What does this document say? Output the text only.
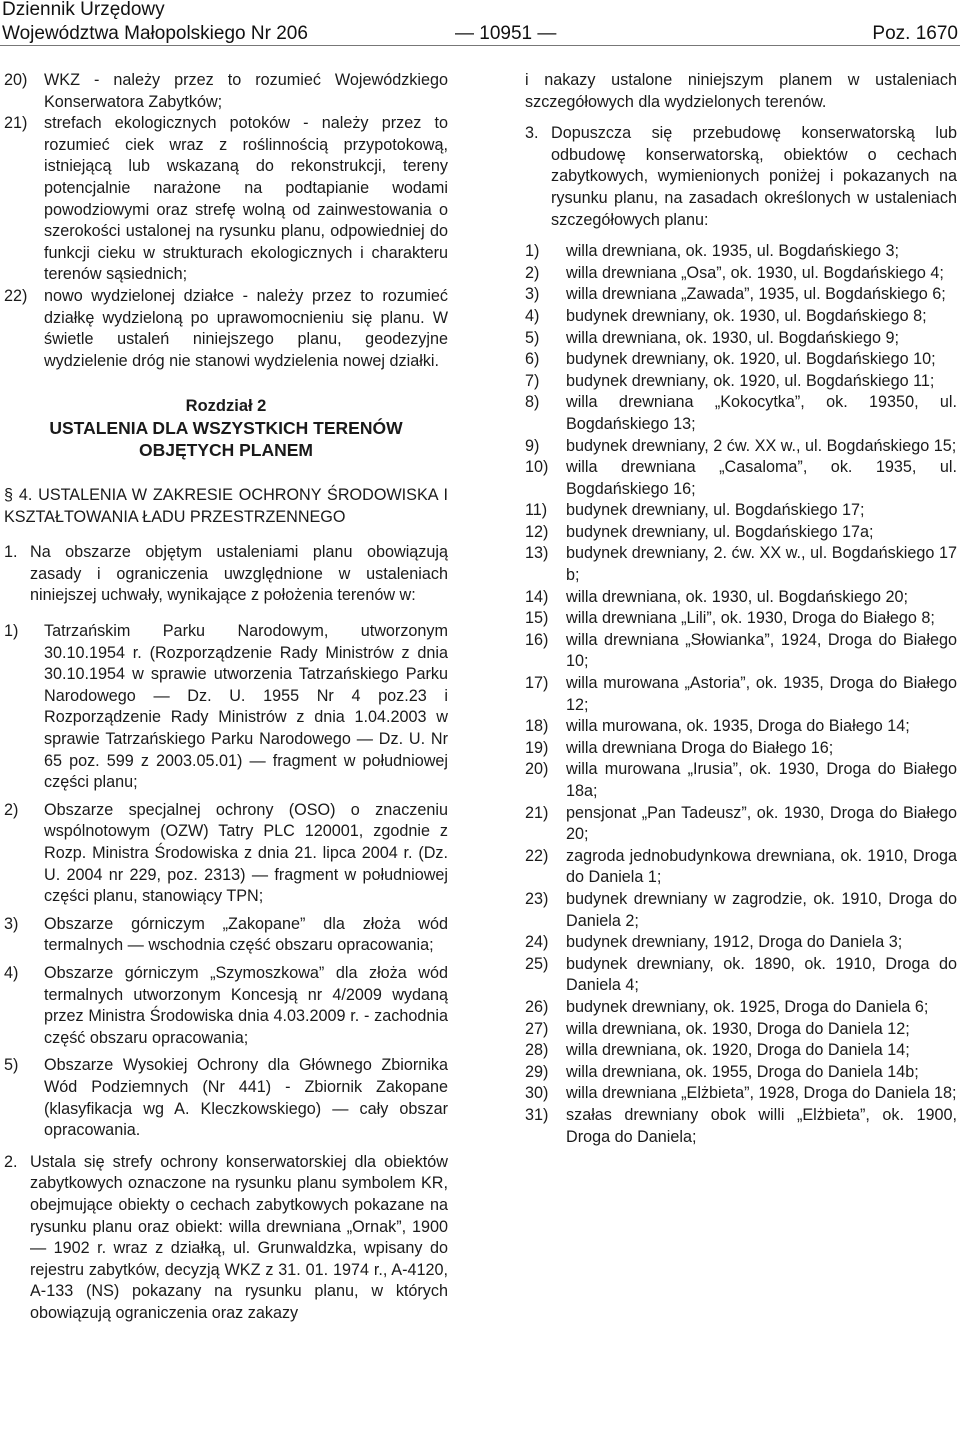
Dziennik Urzędowy
Województwa Małopolskiego Nr 206	— 10951 —	Poz. 1670
20) WKZ - należy przez to rozumieć Wojewódzkiego Konserwatora Zabytków;
21) strefach ekologicznych potoków - należy przez to rozumieć ciek wraz z roślinnością przypotokową, istniejącą lub wskazaną do rekonstrukcji, tereny potencjalnie narażone na podtapianie wodami powodziowymi oraz strefę wolną od zainwestowania o szerokości ustalonej na rysunku planu, odpowiedniej do funkcji cieku w strukturach ekologicznych i charakteru terenów sąsiednich;
22) nowo wydzielonej działce - należy przez to rozumieć działkę wydzieloną po uprawomocnieniu się planu. W świetle ustaleń niniejszego planu, geodezyjne wydzielenie dróg nie stanowi wydzielenia nowej działki.
Rozdział 2
USTALENIA DLA WSZYSTKICH TERENÓW
OBJĘTYCH PLANEM

§ 4. USTALENIA W ZAKRESIE OCHRONY ŚRODOWISKA I KSZTAŁTOWANIA ŁADU PRZESTRZENNEGO

1. Na obszarze objętym ustaleniami planu obowiązują zasady i ograniczenia uwzględnione w ustaleniach niniejszej uchwały, wynikające z położenia terenów w:
1) Tatrzańskim Parku Narodowym, utworzonym 30.10.1954 r. (Rozporządzenie Rady Ministrów z dnia 30.10.1954 w sprawie utworzenia Tatrzańskiego Parku Narodowego — Dz. U. 1955 Nr 4 poz.23 i Rozporządzenie Rady Ministrów z dnia 1.04.2003 w sprawie Tatrzańskiego Parku Narodowego — Dz. U. Nr 65 poz. 599 z 2003.05.01) — fragment w południowej części planu;
2) Obszarze specjalnej ochrony (OSO) o znaczeniu wspólnotowym (OZW) Tatry PLC 120001, zgodnie z Rozp. Ministra Środowiska z dnia 21. lipca 2004 r. (Dz. U. 2004 nr 229, poz. 2313) — fragment w południowej części planu, stanowiący TPN;
3) Obszarze górniczym „Zakopane” dla złoża wód termalnych — wschodnia część obszaru opracowania;
4) Obszarze górniczym „Szymoszkowa” dla złoża wód termalnych utworzonym Koncesją nr 4/2009 wydaną przez Ministra Środowiska dnia 4.03.2009 r. - zachodnia część obszaru opracowania;
5) Obszarze Wysokiej Ochrony dla Głównego Zbiornika Wód Podziemnych (Nr 441) - Zbiornik Zakopane (klasyfikacja wg A. Kleczkowskiego) — cały obszar opracowania.
2. Ustala się strefy ochrony konserwatorskiej dla obiektów zabytkowych oznaczone na rysunku planu symbolem KR, obejmujące obiekty o cechach zabytkowych pokazane na rysunku planu oraz obiekt: willa drewniana „Ornak”, 1900 — 1902 r. wraz z działką, ul. Grunwaldzka, wpisany do rejestru zabytków, decyzją WKZ z 31. 01. 1974 r., A-4120, A-133 (NS) pokazany na rysunku planu, w których obowiązują ograniczenia oraz zakazy

i nakazy ustalone niniejszym planem w ustaleniach szczegółowych dla wydzielonych terenów.

3. Dopuszcza się przebudowę konserwatorską lub odbudowę konserwatorską, obiektów o cechach zabytkowych, wymienionych poniżej i pokazanych na rysunku planu, na zasadach określonych w ustaleniach szczegółowych planu:
1) willa drewniana, ok. 1935, ul. Bogdańskiego 3;
2) willa drewniana „Osa”, ok. 1930, ul. Bogdańskiego 4;
3) willa drewniana „Zawada”, 1935, ul. Bogdańskiego 6;
4) budynek drewniany, ok. 1930, ul. Bogdańskiego 8;
5) willa drewniana, ok. 1930, ul. Bogdańskiego 9;
6) budynek drewniany, ok. 1920, ul. Bogdańskiego 10;
7) budynek drewniany, ok. 1920, ul. Bogdańskiego 11;
8) willa drewniana „Kokocytka”, ok. 19350, ul. Bogdańskiego 13;
9) budynek drewniany, 2 ćw. XX w., ul. Bogdańskiego 15;
10) willa drewniana „Casaloma”, ok. 1935, ul. Bogdańskiego 16;
11) budynek drewniany, ul. Bogdańskiego 17;
12) budynek drewniany, ul. Bogdańskiego 17a;
13) budynek drewniany, 2. ćw. XX w., ul. Bogdańskiego 17 b;
14) willa drewniana, ok. 1930, ul. Bogdańskiego 20;
15) willa drewniana „Lili”, ok. 1930, Droga do Białego 8;
16) willa drewniana „Słowianka”, 1924, Droga do Białego 10;
17) willa murowana „Astoria”, ok. 1935, Droga do Białego 12;
18) willa murowana, ok. 1935, Droga do Białego 14;
19) willa drewniana Droga do Białego 16;
20) willa murowana „Irusia”, ok. 1930, Droga do Białego 18a;
21) pensjonat „Pan Tadeusz”, ok. 1930, Droga do Białego 20;
22) zagroda jednobudynkowa drewniana, ok. 1910, Droga do Daniela 1;
23) budynek drewniany w zagrodzie, ok. 1910, Droga do Daniela 2;
24) budynek drewniany, 1912, Droga do Daniela 3;
25) budynek drewniany, ok. 1890, ok. 1910, Droga do Daniela 4;
26) budynek drewniany, ok. 1925, Droga do Daniela 6;
27) willa drewniana, ok. 1930, Droga do Daniela 12;
28) willa drewniana, ok. 1920, Droga do Daniela 14;
29) willa drewniana, ok. 1955, Droga do Daniela 14b;
30) willa drewniana „Elżbieta”, 1928, Droga do Daniela 18;
31) szałas drewniany obok willi „Elżbieta”, ok. 1900, Droga do Daniela;
